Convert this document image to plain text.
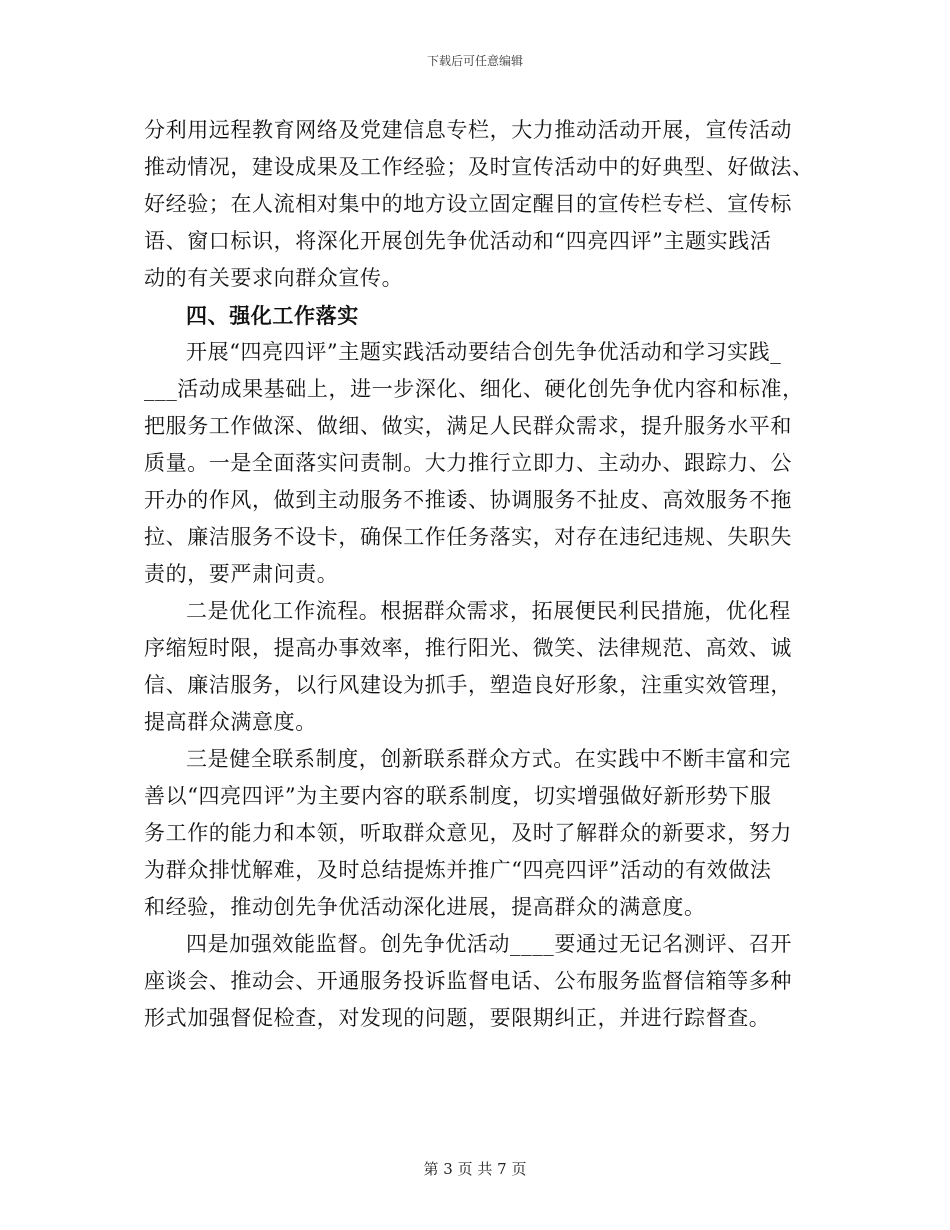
下载后可任意编辑
分利用远程教育网络及党建信息专栏，大力推动活动开展，宣传活动
推动情况，建设成果及工作经验；及时宣传活动中的好典型、好做法、
好经验；在人流相对集中的地方设立固定醒目的宣传栏专栏、宣传标
语、窗口标识，将深化开展创先争优活动和“四亮四评”主题实践活
动的有关要求向群众宣传。
四、强化工作落实
开展“四亮四评”主题实践活动要结合创先争优活动和学习实践_
___活动成果基础上，进一步深化、细化、硬化创先争优内容和标准，
把服务工作做深、做细、做实，满足人民群众需求，提升服务水平和
质量。一是全面落实问责制。大力推行立即力、主动办、跟踪力、公
开办的作风，做到主动服务不推诿、协调服务不扯皮、高效服务不拖
拉、廉洁服务不设卡，确保工作任务落实，对存在违纪违规、失职失
责的，要严肃问责。
二是优化工作流程。根据群众需求，拓展便民利民措施，优化程
序缩短时限，提高办事效率，推行阳光、微笑、法律规范、高效、诚
信、廉洁服务，以行风建设为抓手，塑造良好形象，注重实效管理，
提高群众满意度。
三是健全联系制度，创新联系群众方式。在实践中不断丰富和完
善以“四亮四评”为主要内容的联系制度，切实增强做好新形势下服
务工作的能力和本领，听取群众意见，及时了解群众的新要求，努力
为群众排忧解难，及时总结提炼并推广“四亮四评”活动的有效做法
和经验，推动创先争优活动深化进展，提高群众的满意度。
四是加强效能监督。创先争优活动____要通过无记名测评、召开
座谈会、推动会、开通服务投诉监督电话、公布服务监督信箱等多种
形式加强督促检查，对发现的问题，要限期纠正，并进行踪督查。
第 3 页 共 7 页
